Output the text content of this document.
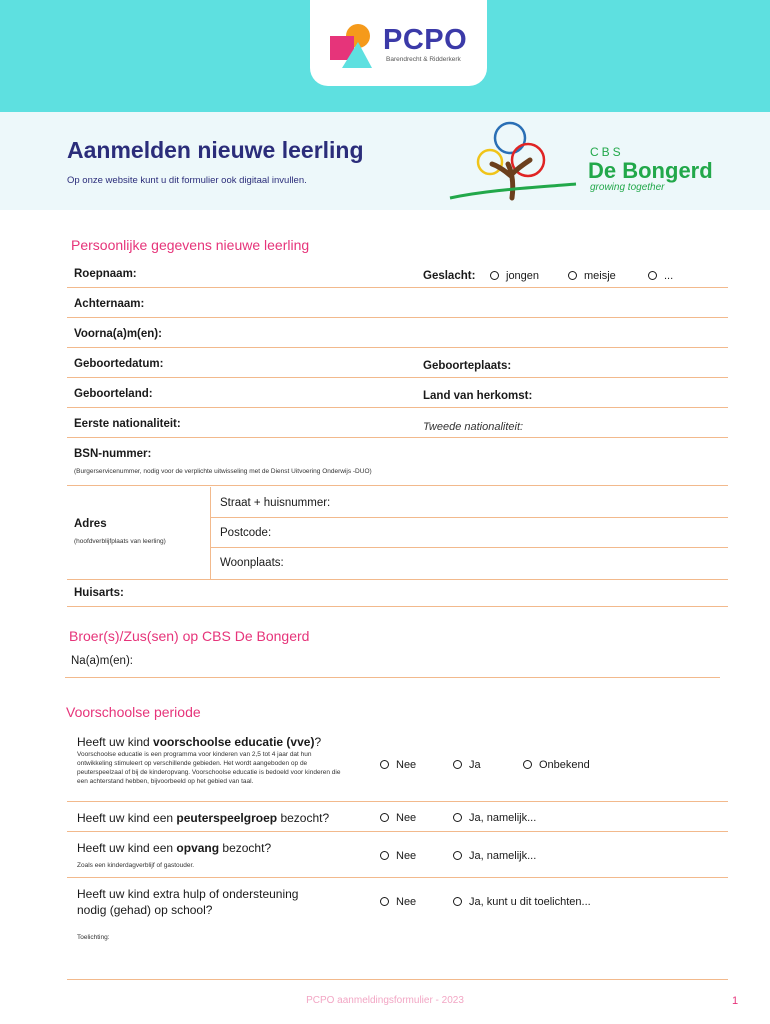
PCPO
Barendrecht & Ridderkerk
Aanmelden nieuwe leerling
Op onze website kunt u dit formulier ook digitaal invullen.
CBS
De Bongerd
growing together
Persoonlijke gegevens nieuwe leerling
Roepnaam:	Geslacht:	jongen	meisje	...
Achternaam:
Voorna(a)m(en):
Geboortedatum:	Geboorteplaats:
Geboorteland:	Land van herkomst:
Eerste nationaliteit:	Tweede nationaliteit:
BSN-nummer:
(Burgerservicenummer, nodig voor de verplichte uitwisseling met de Dienst Uitvoering Onderwijs -DUO)
Adres
(hoofdverblijfplaats van leerling)
Straat + huisnummer:
Postcode:
Woonplaats:
Huisarts:
Broer(s)/Zus(sen) op CBS De Bongerd
Na(a)m(en):
Voorschoolse periode
Heeft uw kind voorschoolse educatie (vve)?
Voorschoolse educatie is een programma voor kinderen van 2,5 tot 4 jaar dat hun ontwikkeling stimuleert op verschillende gebieden. Het wordt aangeboden op de peuterspeelzaal of bij de kinderopvang. Voorschoolse educatie is bedoeld voor kinderen die een achterstand hebben, bijvoorbeeld op het gebied van taal.
Nee	Ja	Onbekend
Heeft uw kind een peuterspeelgroep bezocht?	Nee	Ja, namelijk...
Heeft uw kind een opvang bezocht?
Zoals een kinderdagverblijf of gastouder.
Nee	Ja, namelijk...
Heeft uw kind extra hulp of ondersteuning
nodig (gehad) op school?
Nee	Ja, kunt u dit toelichten...
Toelichting:
PCPO aanmeldingsformulier - 2023	1
